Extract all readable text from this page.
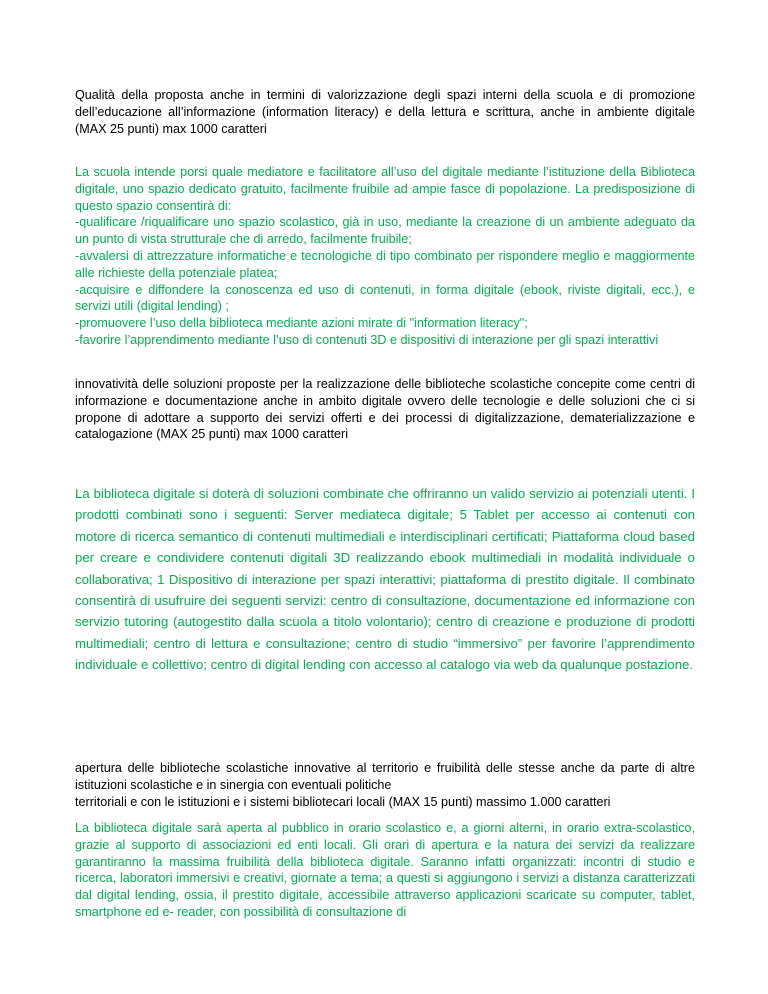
Qualità della proposta anche in termini di valorizzazione degli spazi interni della scuola e di promozione dell’educazione all’informazione (information literacy) e della lettura e scrittura, anche in ambiente digitale (MAX 25 punti) max 1000 caratteri

La scuola intende porsi quale mediatore e facilitatore all’uso del digitale mediante l’istituzione della Biblioteca digitale, uno spazio dedicato gratuito, facilmente fruibile ad ampie fasce di popolazione. La predisposizione di questo spazio consentirà di:
-qualificare /riqualificare uno spazio scolastico, già in uso, mediante la creazione di un ambiente adeguato da un punto di vista strutturale che di arredo, facilmente fruibile;
-avvalersi di attrezzature informatiche e tecnologiche di tipo combinato per rispondere meglio e maggiormente alle richieste della potenziale platea;
-acquisire e diffondere la conoscenza ed uso di contenuti, in forma digitale (ebook, riviste digitali, ecc.), e servizi utili (digital lending) ;
-promuovere l’uso della biblioteca mediante azioni mirate di "information literacy";
-favorire l’apprendimento mediante l’uso di contenuti 3D e dispositivi di interazione per gli spazi interattivi

innovatività delle soluzioni proposte per la realizzazione delle biblioteche scolastiche concepite come centri di informazione e documentazione anche in ambito digitale ovvero delle tecnologie e delle soluzioni che ci si propone di adottare a supporto dei servizi offerti e dei processi di digitalizzazione, dematerializzazione e catalogazione (MAX 25 punti) max 1000 caratteri

La biblioteca digitale si doterà di soluzioni combinate che offriranno un valido servizio ai potenziali utenti. I prodotti combinati sono i seguenti: Server mediateca digitale; 5 Tablet per accesso ai contenuti con motore di ricerca semantico di contenuti multimediali e interdisciplinari certificati; Piattaforma cloud based per creare e condividere contenuti digitali 3D realizzando ebook multimediali in modalità individuale o collaborativa; 1 Dispositivo di interazione per spazi interattivi; piattaforma di prestito digitale. Il combinato consentirà di usufruire dei seguenti servizi: centro di consultazione, documentazione ed informazione con servizio tutoring (autogestito dalla scuola a titolo volontario); centro di creazione e produzione di prodotti multimediali; centro di lettura e consultazione; centro di studio “immersivo” per favorire l’apprendimento individuale e collettivo; centro di digital lending con accesso al catalogo via web da qualunque postazione.

apertura delle biblioteche scolastiche innovative al territorio e fruibilità delle stesse anche da parte di altre istituzioni scolastiche e in sinergia con eventuali politiche
territoriali e con le istituzioni e i sistemi bibliotecari locali (MAX 15 punti) massimo 1.000 caratteri

La biblioteca digitale sarà aperta al pubblico in orario scolastico e, a giorni alterni, in orario extra-scolastico, grazie al supporto di associazioni ed enti locali. Gli orari di apertura e la natura dei servizi da realizzare garantiranno la massima fruibilità della biblioteca digitale. Saranno infatti organizzati: incontri di studio e ricerca, laboratori immersivi e creativi, giornate a tema; a questi si aggiungono i servizi a distanza caratterizzati dal digital lending, ossia, il prestito digitale, accessibile attraverso applicazioni scaricate su computer, tablet, smartphone ed e- reader, con possibilità di consultazione di
